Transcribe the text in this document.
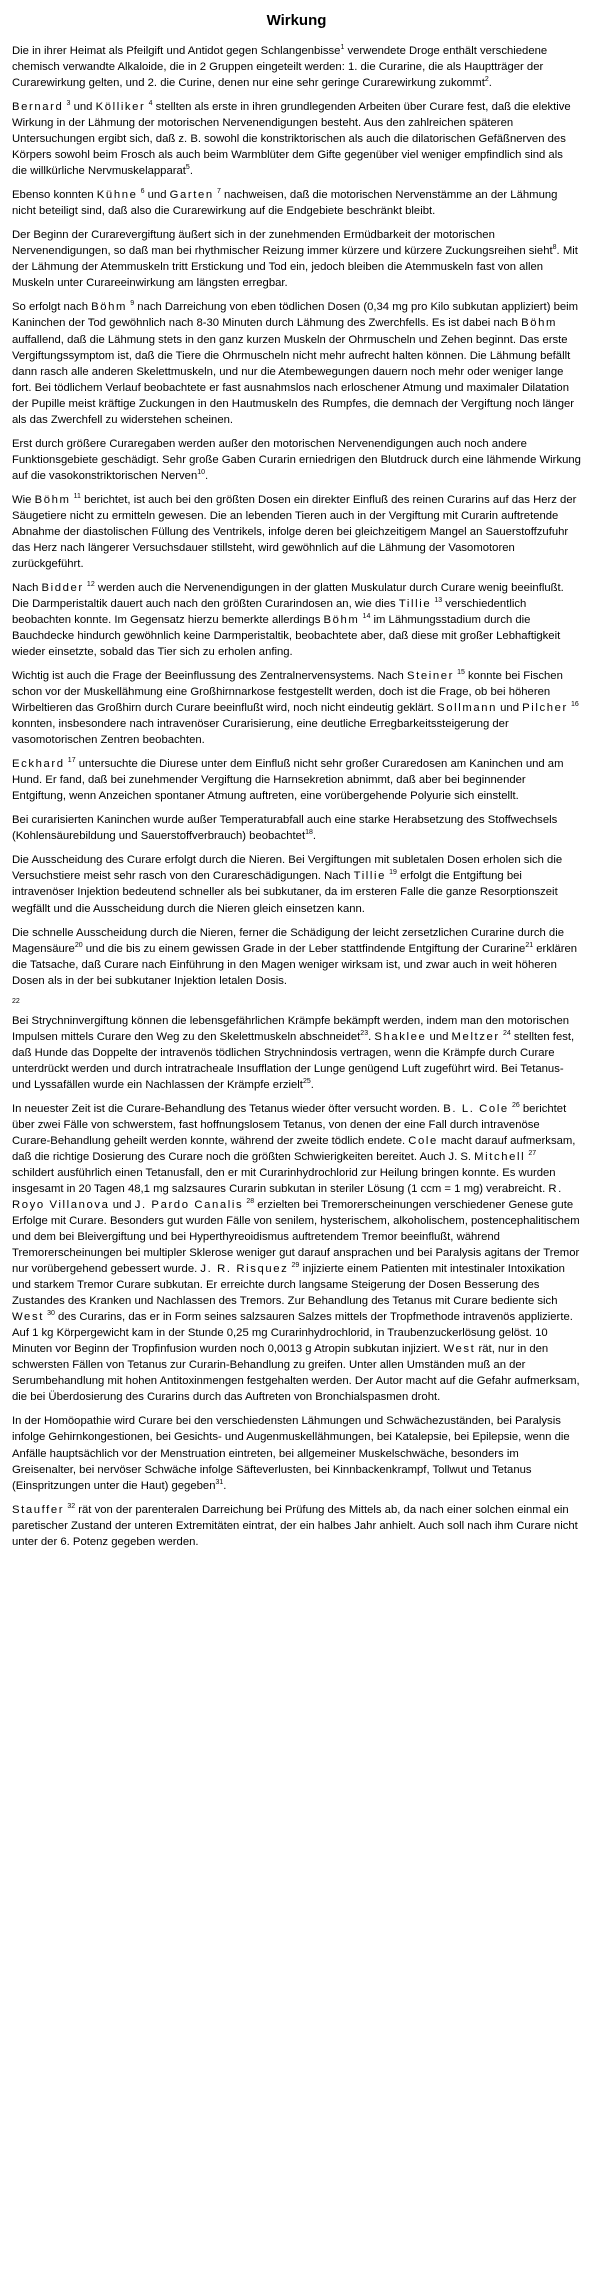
Wirkung

Die in ihrer Heimat als Pfeilgift und Antidot gegen Schlangenbisse$^1$ verwendete Droge enthält verschiedene chemisch verwandte Alkaloide, die in 2 Gruppen eingeteilt werden: 1. die Curarine, die als Hauptträger der Curarewirkung gelten, und 2. die Curine, denen nur eine sehr geringe Curarewirkung zukommt$^2$.

Bernard $^3$ und Kölliker $^4$ stellten als erste in ihren grundlegenden Arbeiten über Curare fest, daß die elektive Wirkung in der Lähmung der motorischen Nervenendigungen besteht. Aus den zahlreichen späteren Untersuchungen ergibt sich, daß z. B. sowohl die konstriktorischen als auch die dilatorischen Gefäßnerven des Körpers sowohl beim Frosch als auch beim Warmblüter dem Gifte gegenüber viel weniger empfindlich sind als die willkürliche Nervmuskelapparat$^5$.

Ebenso konnten Kühne $^6$ und Garten $^7$ nachweisen, daß die motorischen Nervenstämme an der Lähmung nicht beteiligt sind, daß also die Curarewirkung auf die Endgebiete beschränkt bleibt.

Der Beginn der Curarevergiftung äußert sich in der zunehmenden Ermüdbarkeit der motorischen Nervenendigungen, so daß man bei rhythmischer Reizung immer kürzere und kürzere Zuckungsreihen sieht$^8$. Mit der Lähmung der Atemmuskeln tritt Erstickung und Tod ein, jedoch bleiben die Atemmuskeln fast von allen Muskeln unter Curareeinwirkung am längsten erregbar.

So erfolgt nach Böhm $^9$ nach Darreichung von eben tödlichen Dosen (0,34 mg pro Kilo subkutan appliziert) beim Kaninchen der Tod gewöhnlich nach 8-30 Minuten durch Lähmung des Zwerchfells. Es ist dabei nach Böhm auffallend, daß die Lähmung stets in den ganz kurzen Muskeln der Ohrmuscheln und Zehen beginnt. Das erste Vergiftungssymptom ist, daß die Tiere die Ohrmuscheln nicht mehr aufrecht halten können. Die Lähmung befällt dann rasch alle anderen Skelettmuskeln, und nur die Atembewegungen dauern noch mehr oder weniger lange fort. Bei tödlichem Verlauf beobachtete er fast ausnahmslos nach erloschener Atmung und maximaler Dilatation der Pupille meist kräftige Zuckungen in den Hautmuskeln des Rumpfes, die demnach der Vergiftung noch länger als das Zwerchfell zu widerstehen scheinen.

Erst durch größere Curaregaben werden außer den motorischen Nervenendigungen auch noch andere Funktionsgebiete geschädigt. Sehr große Gaben Curarin erniedrigen den Blutdruck durch eine lähmende Wirkung auf die vasokonstriktorischen Nerven$^{10}$.

Wie Böhm $^{11}$ berichtet, ist auch bei den größten Dosen ein direkter Einfluß des reinen Curarins auf das Herz der Säugetiere nicht zu ermitteln gewesen. Die an lebenden Tieren auch in der Vergiftung mit Curarin auftretende Abnahme der diastolischen Füllung des Ventrikels, infolge deren bei gleichzeitigem Mangel an Sauerstoffzufuhr das Herz nach längerer Versuchsdauer stillsteht, wird gewöhnlich auf die Lähmung der Vasomotoren zurückgeführt.

Nach Bidder $^{12}$ werden auch die Nervenendigungen in der glatten Muskulatur durch Curare wenig beeinflußt. Die Darmperistaltik dauert auch nach den größten Curarindosen an, wie dies Tillie $^{13}$ verschiedentlich beobachten konnte. Im Gegensatz hierzu bemerkte allerdings Böhm $^{14}$ im Lähmungsstadium durch die Bauchdecke hindurch gewöhnlich keine Darmperistaltik, beobachtete aber, daß diese mit großer Lebhaftigkeit wieder einsetzte, sobald das Tier sich zu erholen anfing.

Wichtig ist auch die Frage der Beeinflussung des Zentralnervensystems. Nach Steiner $^{15}$ konnte bei Fischen schon vor der Muskellähmung eine Großhirnnarkose festgestellt werden, doch ist die Frage, ob bei höheren Wirbeltieren das Großhirn durch Curare beeinflußt wird, noch nicht eindeutig geklärt. Sollmann und Pilcher $^{16}$ konnten, insbesondere nach intravenöser Curarisierung, eine deutliche Erregbarkeitssteigerung der vasomotorischen Zentren beobachten.

Eckhard $^{17}$ untersuchte die Diurese unter dem Einfluß nicht sehr großer Curaredosen am Kaninchen und am Hund. Er fand, daß bei zunehmender Vergiftung die Harnsekretion abnimmt, daß aber bei beginnender Entgiftung, wenn Anzeichen spontaner Atmung auftreten, eine vorübergehende Polyurie sich einstellt.

Bei curarisierten Kaninchen wurde außer Temperaturabfall auch eine starke Herabsetzung des Stoffwechsels (Kohlensäurebildung und Sauerstoffverbrauch) beobachtet$^{18}$.

Die Ausscheidung des Curare erfolgt durch die Nieren. Bei Vergiftungen mit subletalen Dosen erholen sich die Versuchstiere meist sehr rasch von den Curareschädigungen. Nach Tillie $^{19}$ erfolgt die Entgiftung bei intravenöser Injektion bedeutend schneller als bei subkutaner, da im ersteren Falle die ganze Resorptionszeit wegfällt und die Ausscheidung durch die Nieren gleich einsetzen kann.

Die schnelle Ausscheidung durch die Nieren, ferner die Schädigung der leicht zersetzlichen Curarine durch die Magensäure$^{20}$ und die bis zu einem gewissen Grade in der Leber stattfindende Entgiftung der Curarine$^{21}$ erklären die Tatsache, daß Curare nach Einführung in den Magen weniger wirksam ist, und zwar auch in weit höheren Dosen als in der bei subkutaner Injektion letalen Dosis.

$^{22}$
Bei Strychninvergiftung können die lebensgefährlichen Krämpfe bekämpft werden, indem man den motorischen Impulsen mittels Curare den Weg zu den Skelettmuskeln abschneidet$^{23}$. Shaklee und Meltzer $^{24}$ stellten fest, daß Hunde das Doppelte der intravenös tödlichen Strychnindosis vertragen, wenn die Krämpfe durch Curare unterdrückt werden und durch intratracheale Insufflation der Lunge genügend Luft zugeführt wird. Bei Tetanus- und Lyssafällen wurde ein Nachlassen der Krämpfe erzielt$^{25}$.

In neuester Zeit ist die Curare-Behandlung des Tetanus wieder öfter versucht worden. B. L. Cole $^{26}$ berichtet über zwei Fälle von schwerstem, fast hoffnungslosem Tetanus, von denen der eine Fall durch intravenöse Curare-Behandlung geheilt werden konnte, während der zweite tödlich endete. Cole macht darauf aufmerksam, daß die richtige Dosierung des Curare noch die größten Schwierigkeiten bereitet. Auch J. S. Mitchell $^{27}$ schildert ausführlich einen Tetanusfall, den er mit Curarinhydrochlorid zur Heilung bringen konnte. Es wurden insgesamt in 20 Tagen 48,1 mg salzsaures Curarin subkutan in steriler Lösung (1 ccm = 1 mg) verabreicht. R. Royo Villanova und J. Pardo Canalis $^{28}$ erzielten bei Tremorerscheinungen verschiedener Genese gute Erfolge mit Curare. Besonders gut wurden Fälle von senilem, hysterischem, alkoholischem, postencephalitischem und dem bei Bleivergiftung und bei Hyperthyreoidismus auftretendem Tremor beeinflußt, während Tremorerscheinungen bei multipler Sklerose weniger gut darauf ansprachen und bei Paralysis agitans der Tremor nur vorübergehend gebessert wurde. J. R. Risquez $^{29}$ injizierte einem Patienten mit intestinaler Intoxikation und starkem Tremor Curare subkutan. Er erreichte durch langsame Steigerung der Dosen Besserung des Zustandes des Kranken und Nachlassen des Tremors. Zur Behandlung des Tetanus mit Curare bediente sich West $^{30}$ des Curarins, das er in Form seines salzsauren Salzes mittels der Tropfmethode intravenös applizierte. Auf 1 kg Körpergewicht kam in der Stunde 0,25 mg Curarinhydrochlorid, in Traubenzuckerlösung gelöst. 10 Minuten vor Beginn der Tropfinfusion wurden noch 0,0013 g Atropin subkutan injiziert. West rät, nur in den schwersten Fällen von Tetanus zur Curarin-Behandlung zu greifen. Unter allen Umständen muß an der Serumbehandlung mit hohen Antitoxinmengen festgehalten werden. Der Autor macht auf die Gefahr aufmerksam, die bei Überdosierung des Curarins durch das Auftreten von Bronchialspasmen droht.

In der Homöopathie wird Curare bei den verschiedensten Lähmungen und Schwächezuständen, bei Paralysis infolge Gehirnkongestionen, bei Gesichts- und Augenmuskellähmungen, bei Katalepsie, bei Epilepsie, wenn die Anfälle hauptsächlich vor der Menstruation eintreten, bei allgemeiner Muskelschwäche, besonders im Greisenalter, bei nervöser Schwäche infolge Säfteverlusten, bei Kinnbackenkrampf, Tollwut und Tetanus (Einspritzungen unter die Haut) gegeben$^{31}$.

Stauffer $^{32}$ rät von der parenteralen Darreichung bei Prüfung des Mittels ab, da nach einer solchen einmal ein paretischer Zustand der unteren Extremitäten eintrat, der ein halbes Jahr anhielt. Auch soll nach ihm Curare nicht unter der 6. Potenz gegeben werden.
